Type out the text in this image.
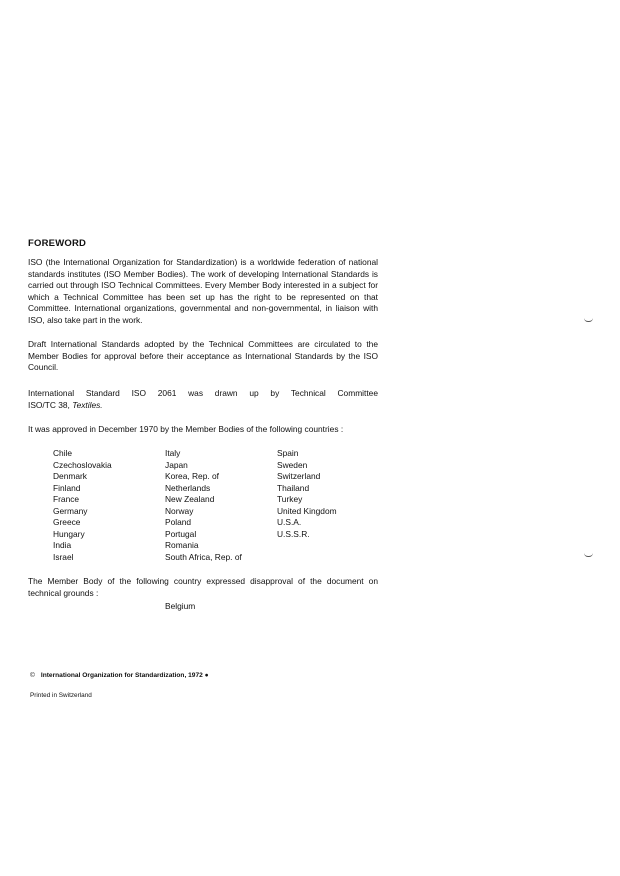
FOREWORD
ISO (the International Organization for Standardization) is a worldwide federation of national standards institutes (ISO Member Bodies). The work of developing International Standards is carried out through ISO Technical Committees. Every Member Body interested in a subject for which a Technical Committee has been set up has the right to be represented on that Committee. International organizations, governmental and non-governmental, in liaison with ISO, also take part in the work.
Draft International Standards adopted by the Technical Committees are circulated to the Member Bodies for approval before their acceptance as International Standards by the ISO Council.
International Standard ISO 2061 was drawn up by Technical Committee
ISO/TC 38, Textiles.
It was approved in December 1970 by the Member Bodies of the following countries :
Chile
Czechoslovakia
Denmark
Finland
France
Germany
Greece
Hungary
India
Israel
Italy
Japan
Korea, Rep. of
Netherlands
New Zealand
Norway
Poland
Portugal
Romania
South Africa, Rep. of
Spain
Sweden
Switzerland
Thailand
Turkey
United Kingdom
U.S.A.
U.S.S.R.
The Member Body of the following country expressed disapproval of the document on technical grounds :
Belgium
© International Organization for Standardization, 1972 ●
Printed in Switzerland
